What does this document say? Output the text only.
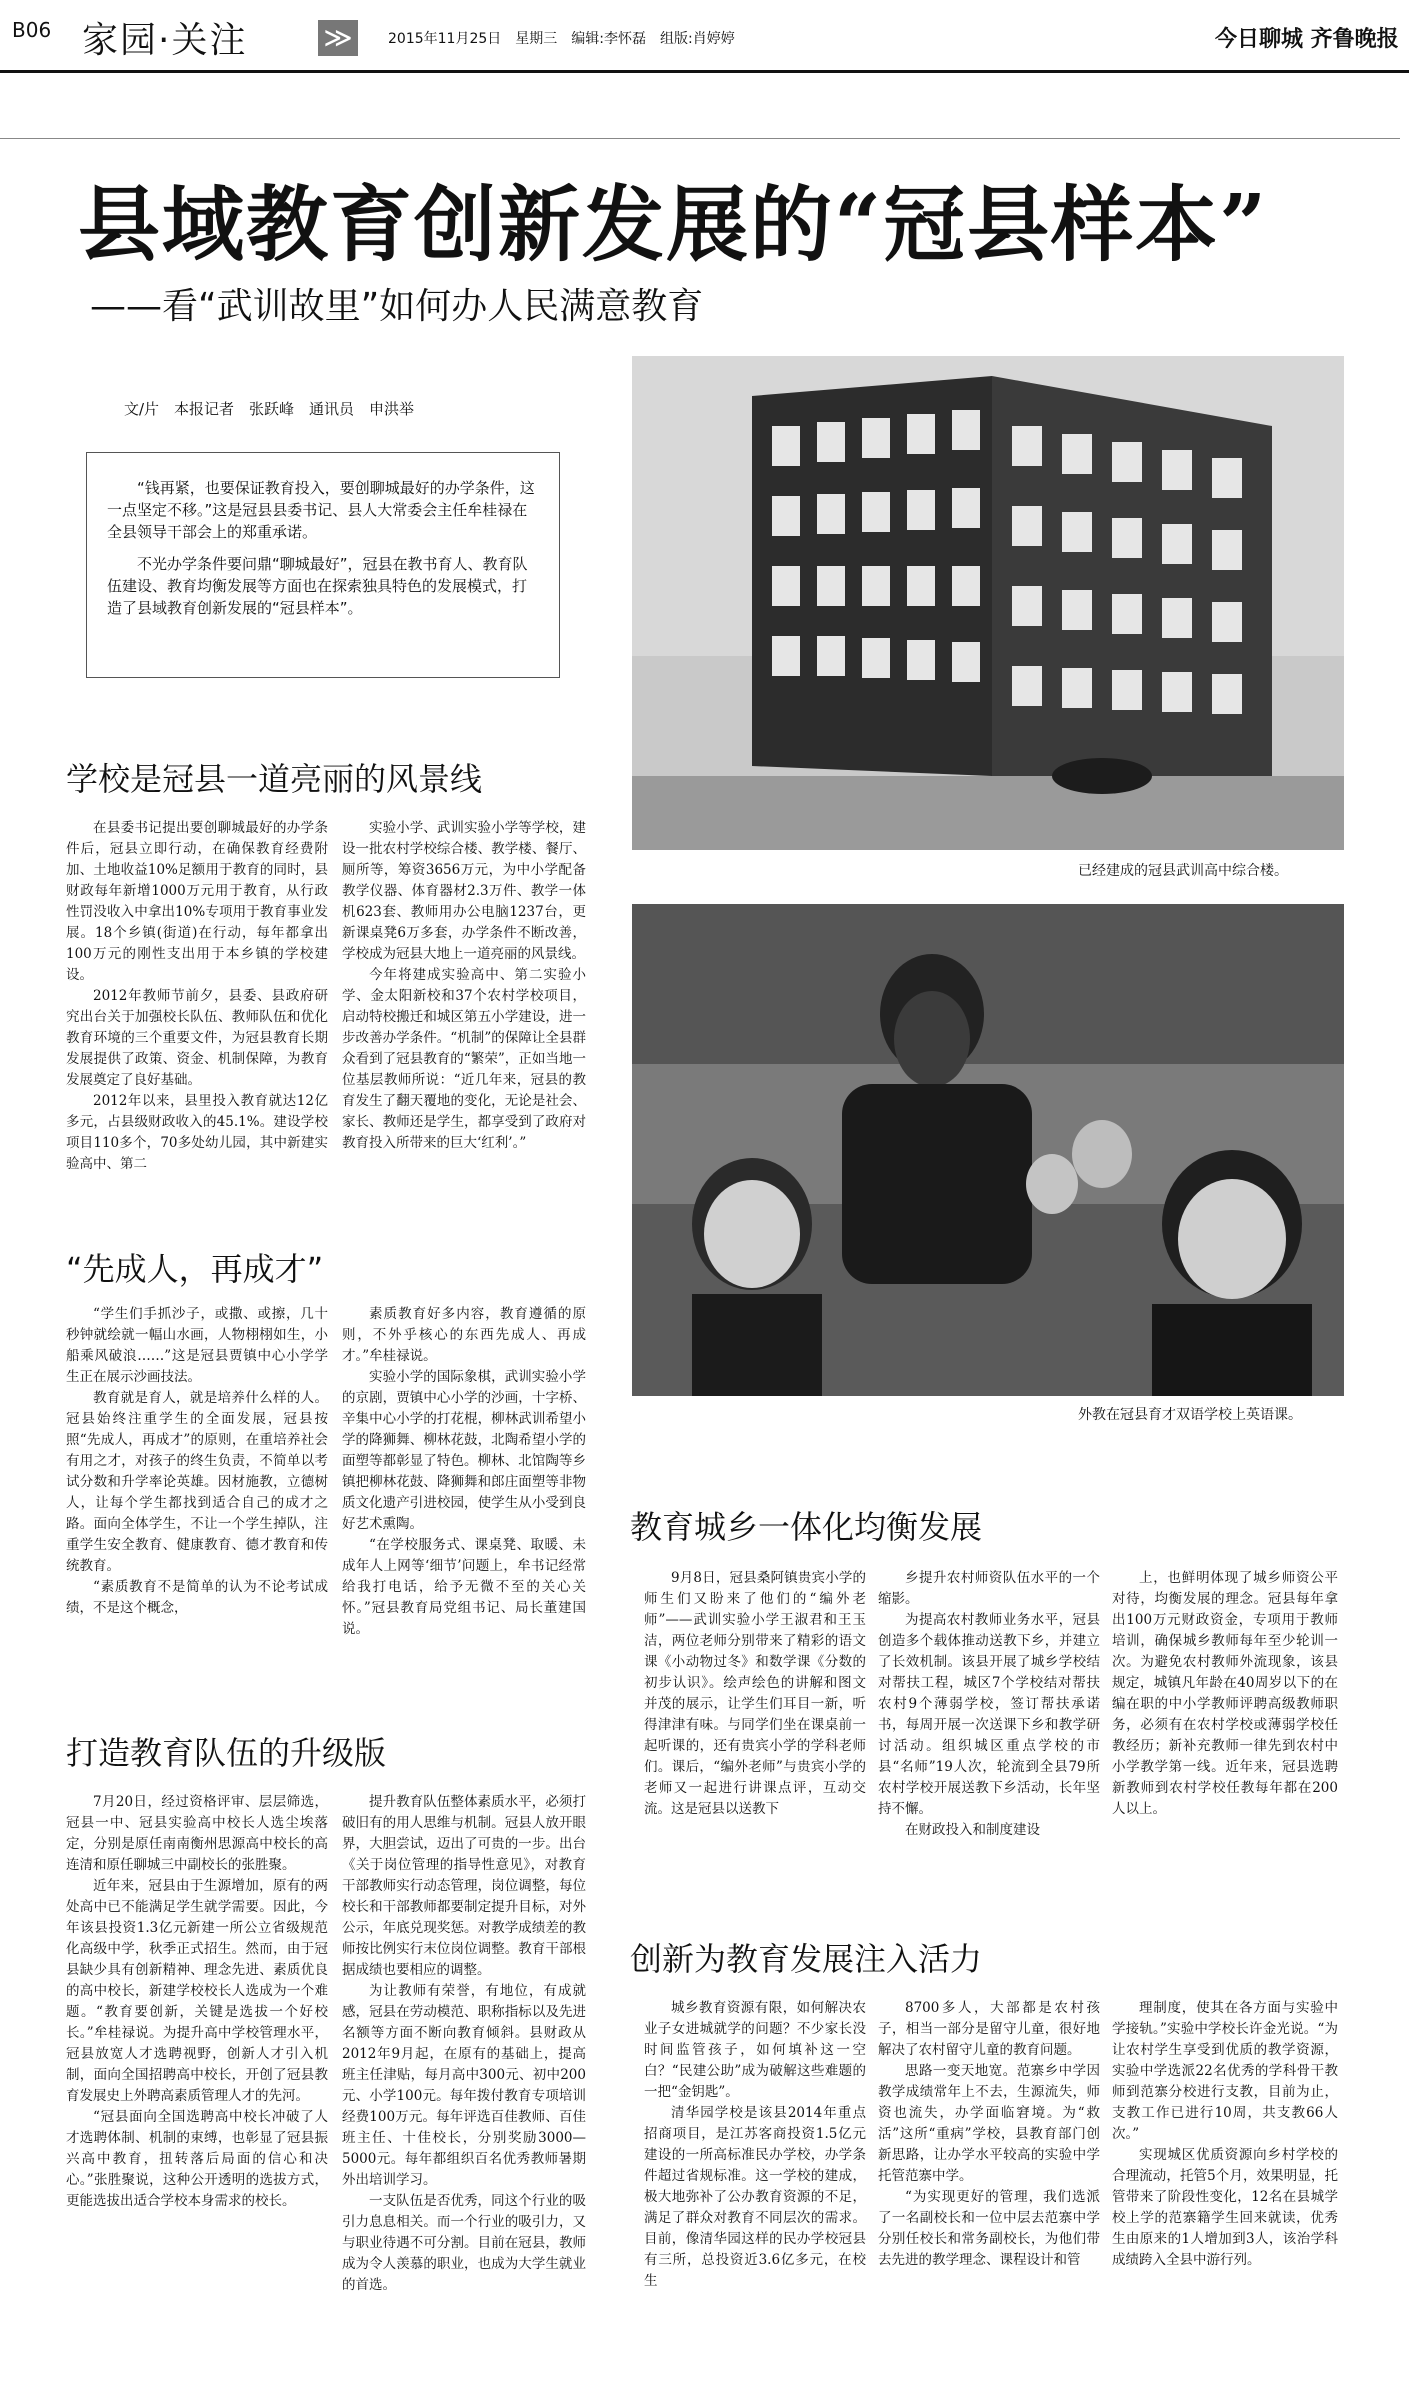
B06 家园·关注	≫	2015年11月25日　星期三　编辑:李怀磊　组版:肖婷婷	今日聊城 齐鲁晚报
县域教育创新发展的“冠县样本”
——看“武训故里”如何办人民满意教育
文/片　本报记者　张跃峰　通讯员　申洪举

“钱再紧，也要保证教育投入，要创聊城最好的办学条件，这一点坚定不移。”这是冠县县委书记、县人大常委会主任牟桂禄在全县领导干部会上的郑重承诺。

不光办学条件要问鼎“聊城最好”，冠县在教书育人、教育队伍建设、教育均衡发展等方面也在探索独具特色的发展模式，打造了县域教育创新发展的“冠县样本”。

学校是冠县一道亮丽的风景线

在县委书记提出要创聊城最好的办学条件后，冠县立即行动，在确保教育经费附加、土地收益10%足额用于教育的同时，县财政每年新增1000万元用于教育，从行政性罚没收入中拿出10%专项用于教育事业发展。18个乡镇(街道)在行动，每年都拿出100万元的刚性支出用于本乡镇的学校建设。

2012年教师节前夕，县委、县政府研究出台关于加强校长队伍、教师队伍和优化教育环境的三个重要文件，为冠县教育长期发展提供了政策、资金、机制保障，为教育发展奠定了良好基础。

2012年以来，县里投入教育就达12亿多元，占县级财政收入的45.1%。建设学校项目110多个，70多处幼儿园，其中新建实验高中、第二

实验小学、武训实验小学等学校，建设一批农村学校综合楼、教学楼、餐厅、厕所等，筹资3656万元，为中小学配备教学仪器、体育器材2.3万件、教学一体机623套、教师用办公电脑1237台，更新课桌凳6万多套，办学条件不断改善，学校成为冠县大地上一道亮丽的风景线。

今年将建成实验高中、第二实验小学、金太阳新校和37个农村学校项目，启动特校搬迁和城区第五小学建设，进一步改善办学条件。“机制”的保障让全县群众看到了冠县教育的“繁荣”，正如当地一位基层教师所说：“近几年来，冠县的教育发生了翻天覆地的变化，无论是社会、家长、教师还是学生，都享受到了政府对教育投入所带来的巨大‘红利’。”

“先成人，再成才”

“学生们手抓沙子，或撒、或擦，几十秒钟就绘就一幅山水画，人物栩栩如生，小船乘风破浪……”这是冠县贾镇中心小学学生正在展示沙画技法。

教育就是育人，就是培养什么样的人。冠县始终注重学生的全面发展，冠县按照“先成人，再成才”的原则，在重培养社会有用之才，对孩子的终生负责，不简单以考试分数和升学率论英雄。因材施教，立德树人，让每个学生都找到适合自己的成才之路。面向全体学生，不让一个学生掉队，注重学生安全教育、健康教育、德才教育和传统教育。

“素质教育不是简单的认为不论考试成绩，不是这个概念，

素质教育好多内容，教育遵循的原则，不外乎核心的东西先成人、再成才。”牟桂禄说。

实验小学的国际象棋，武训实验小学的京剧，贾镇中心小学的沙画，十字桥、辛集中心小学的打花棍，柳林武训希望小学的降狮舞、柳林花鼓，北陶希望小学的面塑等都彰显了特色。柳林、北馆陶等乡镇把柳林花鼓、降狮舞和郎庄面塑等非物质文化遗产引进校园，使学生从小受到良好艺术熏陶。

“在学校服务式、课桌凳、取暖、未成年人上网等‘细节’问题上，牟书记经常给我打电话，给予无微不至的关心关怀。”冠县教育局党组书记、局长董建国说。

打造教育队伍的升级版

7月20日，经过资格评审、层层筛选，冠县一中、冠县实验高中校长人选尘埃落定，分别是原任南南衡州思源高中校长的高连清和原任聊城三中副校长的张胜聚。

近年来，冠县由于生源增加，原有的两处高中已不能满足学生就学需要。因此，今年该县投资1.3亿元新建一所公立省级规范化高级中学，秋季正式招生。然而，由于冠县缺少具有创新精神、理念先进、素质优良的高中校长，新建学校校长人选成为一个难题。“教育要创新，关键是选拔一个好校长。”牟桂禄说。为提升高中学校管理水平，冠县放宽人才选聘视野，创新人才引入机制，面向全国招聘高中校长，开创了冠县教育发展史上外聘高素质管理人才的先河。

“冠县面向全国选聘高中校长冲破了人才选聘体制、机制的束缚，也彰显了冠县振兴高中教育，扭转落后局面的信心和决心。”张胜聚说，这种公开透明的选拔方式，更能选拔出适合学校本身需求的校长。

提升教育队伍整体素质水平，必须打破旧有的用人思维与机制。冠县人放开眼界，大胆尝试，迈出了可贵的一步。出台《关于岗位管理的指导性意见》，对教育干部教师实行动态管理，岗位调整，每位校长和干部教师都要制定提升目标，对外公示，年底兑现奖惩。对教学成绩差的教师按比例实行末位岗位调整。教育干部根据成绩也要相应的调整。

为让教师有荣誉，有地位，有成就感，冠县在劳动模范、职称指标以及先进名额等方面不断向教育倾斜。县财政从2012年9月起，在原有的基础上，提高班主任津贴，每月高中300元、初中200元、小学100元。每年拨付教育专项培训经费100万元。每年评选百佳教师、百佳班主任、十佳校长，分别奖励3000—5000元。每年都组织百名优秀教师暑期外出培训学习。

一支队伍是否优秀，同这个行业的吸引力息息相关。而一个行业的吸引力，又与职业待遇不可分割。目前在冠县，教师成为令人羡慕的职业，也成为大学生就业的首选。

已经建成的冠县武训高中综合楼。
外教在冠县育才双语学校上英语课。
教育城乡一体化均衡发展

9月8日，冠县桑阿镇贵宾小学的师生们又盼来了他们的“编外老师”——武训实验小学王淑君和王玉洁，两位老师分别带来了精彩的语文课《小动物过冬》和数学课《分数的初步认识》。绘声绘色的讲解和图文并茂的展示，让学生们耳目一新，听得津津有味。与同学们坐在课桌前一起听课的，还有贵宾小学的学科老师们。课后，“编外老师”与贵宾小学的老师又一起进行讲课点评，互动交流。这是冠县以送教下

乡提升农村师资队伍水平的一个缩影。

为提高农村教师业务水平，冠县创造多个载体推动送教下乡，并建立了长效机制。该县开展了城乡学校结对帮扶工程，城区7个学校结对帮扶农村9个薄弱学校，签订帮扶承诺书，每周开展一次送课下乡和教学研讨活动。组织城区重点学校的市县“名师”19人次，轮流到全县79所农村学校开展送教下乡活动，长年坚持不懈。

在财政投入和制度建设

上，也鲜明体现了城乡师资公平对待，均衡发展的理念。冠县每年拿出100万元财政资金，专项用于教师培训，确保城乡教师每年至少轮训一次。为避免农村教师外流现象，该县规定，城镇凡年龄在40周岁以下的在编在职的中小学教师评聘高级教师职务，必须有在农村学校或薄弱学校任教经历；新补充教师一律先到农村中小学教学第一线。近年来，冠县选聘新教师到农村学校任教每年都在200人以上。

创新为教育发展注入活力

城乡教育资源有限，如何解决农业子女进城就学的问题？不少家长没时间监管孩子，如何填补这一空白？“民建公助”成为破解这些难题的一把“金钥匙”。

清华园学校是该县2014年重点招商项目，是江苏客商投资1.5亿元建设的一所高标准民办学校，办学条件超过省规标准。这一学校的建成，极大地弥补了公办教育资源的不足，满足了群众对教育不同层次的需求。目前，像清华园这样的民办学校冠县有三所，总投资近3.6亿多元，在校生

8700多人，大部都是农村孩子，相当一部分是留守儿童，很好地解决了农村留守儿童的教育问题。

思路一变天地宽。范寨乡中学因教学成绩常年上不去，生源流失，师资也流失，办学面临窘境。为“救活”这所“重病”学校，县教育部门创新思路，让办学水平较高的实验中学托管范寨中学。

“为实现更好的管理，我们选派了一名副校长和一位中层去范寨中学分别任校长和常务副校长，为他们带去先进的教学理念、课程设计和管

理制度，使其在各方面与实验中学接轨。”实验中学校长许金光说。“为让农村学生享受到优质的教学资源，实验中学选派22名优秀的学科骨干教师到范寨分校进行支教，目前为止，支教工作已进行10周，共支教66人次。”

实现城区优质资源向乡村学校的合理流动，托管5个月，效果明显，托管带来了阶段性变化，12名在县城学校上学的范寨籍学生回来就读，优秀生由原来的1人增加到3人，该治学科成绩跨入全县中游行列。
